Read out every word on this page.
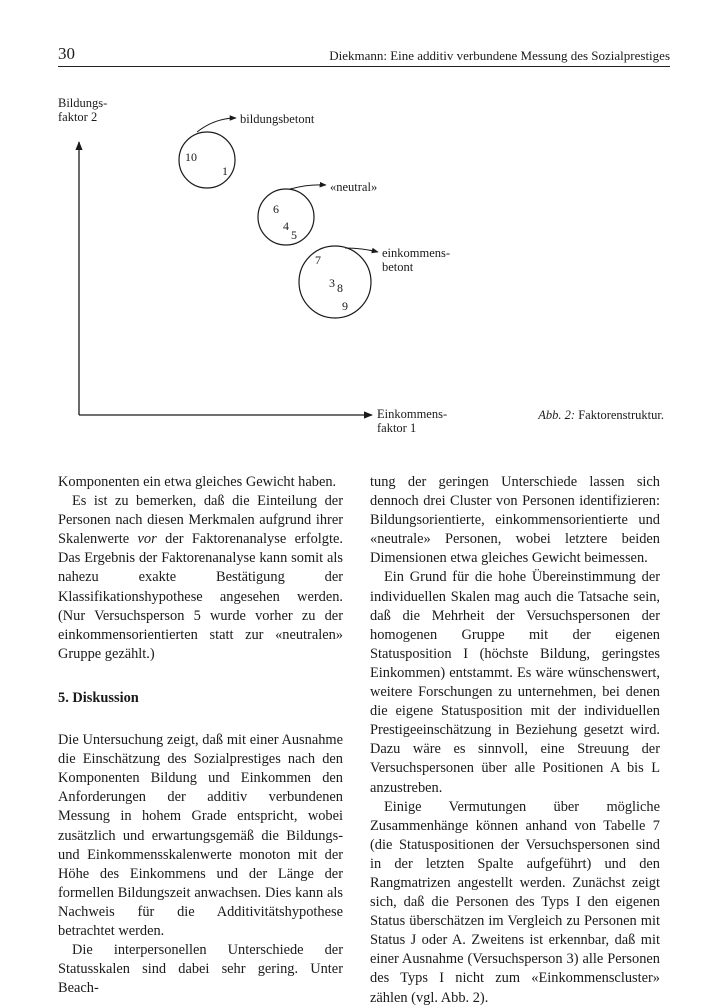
30	Diekmann: Eine additiv verbundene Messung des Sozialprestiges
Bildungs-
faktor 2
Einkommens-
faktor 1
bildungsbetont
10
1
«neutral»
6
4
5
einkommens-
betont
7
3 8
9
Abb. 2: Faktorenstruktur.

Komponenten ein etwa gleiches Gewicht haben.

Es ist zu bemerken, daß die Einteilung der Personen nach diesen Merkmalen aufgrund ihrer Skalenwerte vor der Faktorenanalyse erfolgte. Das Ergebnis der Faktorenanalyse kann somit als nahezu exakte Bestätigung der Klassifikationshypothese angesehen werden. (Nur Versuchsperson 5 wurde vorher zu der einkommensorientierten statt zur «neutralen» Gruppe gezählt.)

5. Diskussion

Die Untersuchung zeigt, daß mit einer Ausnahme die Einschätzung des Sozialprestiges nach den Komponenten Bildung und Einkommen den Anforderungen der additiv verbundenen Messung in hohem Grade entspricht, wobei zusätzlich und erwartungsgemäß die Bildungs- und Einkommensskalenwerte monoton mit der Höhe des Einkommens und der Länge der formellen Bildungszeit anwachsen. Dies kann als Nachweis für die Additivitätshypothese betrachtet werden.

Die interpersonellen Unterschiede der Statusskalen sind dabei sehr gering. Unter Beach-

tung der geringen Unterschiede lassen sich dennoch drei Cluster von Personen identifizieren: Bildungsorientierte, einkommensorientierte und «neutrale» Personen, wobei letztere beiden Dimensionen etwa gleiches Gewicht beimessen.

Ein Grund für die hohe Übereinstimmung der individuellen Skalen mag auch die Tatsache sein, daß die Mehrheit der Versuchspersonen der homogenen Gruppe mit der eigenen Statusposition I (höchste Bildung, geringstes Einkommen) entstammt. Es wäre wünschenswert, weitere Forschungen zu unternehmen, bei denen die eigene Statusposition mit der individuellen Prestigeeinschätzung in Beziehung gesetzt wird. Dazu wäre es sinnvoll, eine Streuung der Versuchspersonen über alle Positionen A bis L anzustreben.

Einige Vermutungen über mögliche Zusammenhänge können anhand von Tabelle 7 (die Statuspositionen der Versuchspersonen sind in der letzten Spalte aufgeführt) und den Rangmatrizen angestellt werden. Zunächst zeigt sich, daß die Personen des Typs I den eigenen Status überschätzen im Vergleich zu Personen mit Status J oder A. Zweitens ist erkennbar, daß mit einer Ausnahme (Versuchsperson 3) alle Personen des Typs I nicht zum «Einkommenscluster» zählen (vgl. Abb. 2).
